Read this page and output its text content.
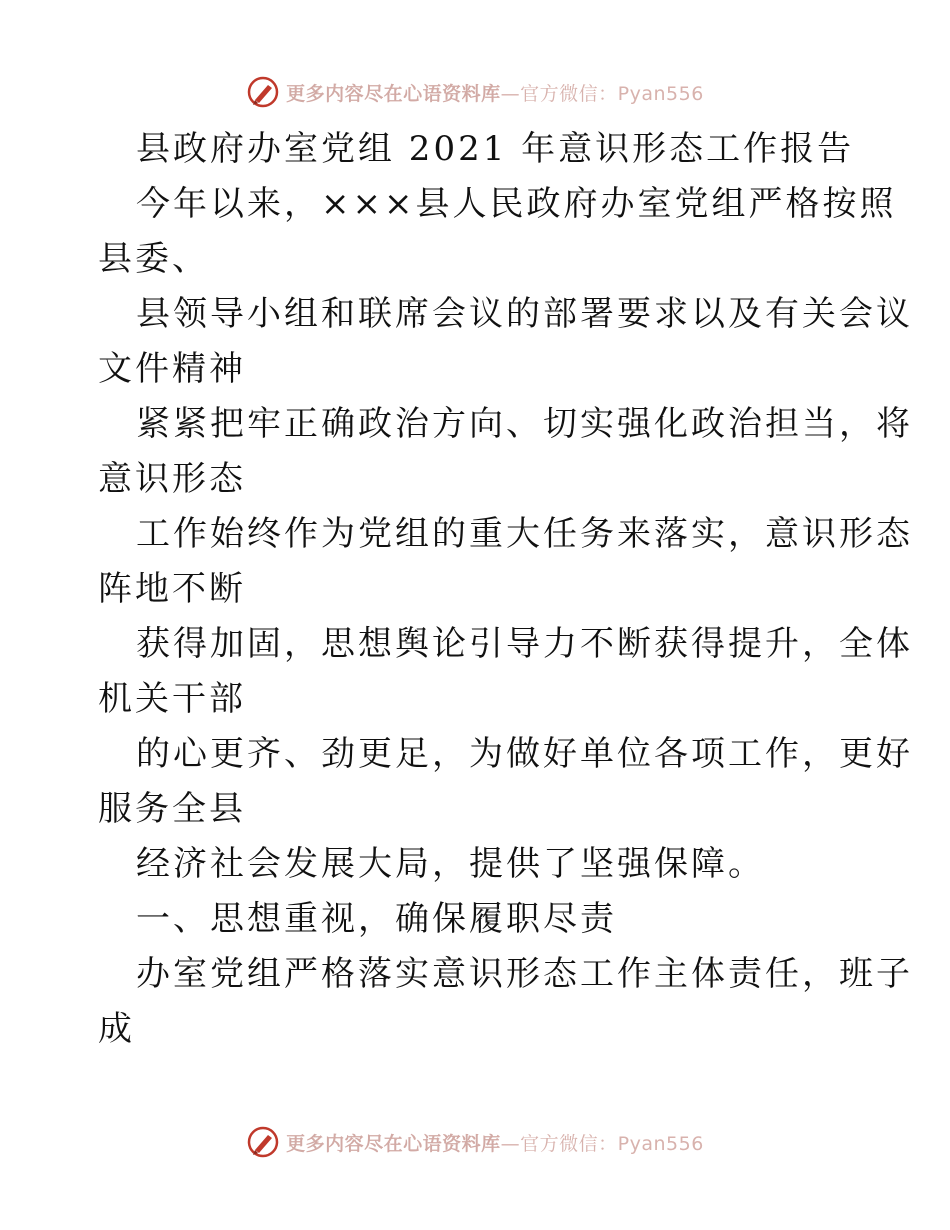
更多内容尽在心语资料库—官方微信：Pyan556
县政府办室党组 2021 年意识形态工作报告
今年以来，×××县人民政府办室党组严格按照
县委、
县领导小组和联席会议的部署要求以及有关会议
文件精神
紧紧把牢正确政治方向、切实强化政治担当，将
意识形态
工作始终作为党组的重大任务来落实，意识形态
阵地不断
获得加固，思想舆论引导力不断获得提升，全体
机关干部
的心更齐、劲更足，为做好单位各项工作，更好
服务全县
经济社会发展大局，提供了坚强保障。
一、思想重视，确保履职尽责
办室党组严格落实意识形态工作主体责任，班子
成
更多内容尽在心语资料库—官方微信：Pyan556
